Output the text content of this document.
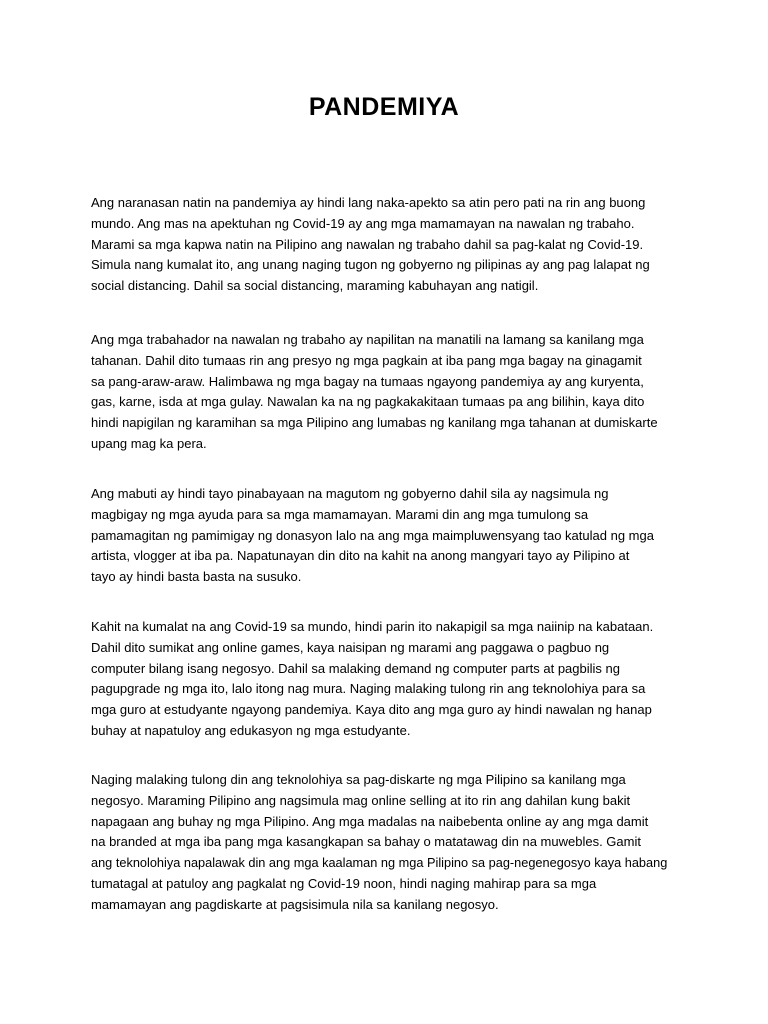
PANDEMIYA
Ang naranasan natin na pandemiya ay hindi lang naka-apekto sa atin pero pati na rin ang buong
mundo. Ang mas na apektuhan ng Covid-19 ay ang mga mamamayan na nawalan ng trabaho.
Marami sa mga kapwa natin na Pilipino ang nawalan ng trabaho dahil sa pag-kalat ng Covid-19.
Simula nang kumalat ito, ang unang naging tugon ng gobyerno ng pilipinas ay ang pag lalapat ng
social distancing. Dahil sa social distancing, maraming kabuhayan ang natigil.
Ang mga trabahador na nawalan ng trabaho ay napilitan na manatili na lamang sa kanilang mga
tahanan. Dahil dito tumaas rin ang presyo ng mga pagkain at iba pang mga bagay na ginagamit
sa pang-araw-araw. Halimbawa ng mga bagay na tumaas ngayong pandemiya ay ang kuryenta,
gas, karne, isda at mga gulay. Nawalan ka na ng pagkakakitaan tumaas pa ang bilihin, kaya dito
hindi napigilan ng karamihan sa mga Pilipino ang lumabas ng kanilang mga tahanan at dumiskarte
upang mag ka pera.
Ang mabuti ay hindi tayo pinabayaan na magutom ng gobyerno dahil sila ay nagsimula ng
magbigay ng mga ayuda para sa mga mamamayan. Marami din ang mga tumulong sa
pamamagitan ng pamimigay ng donasyon lalo na ang mga maimpluwensyang tao katulad ng mga
artista, vlogger at iba pa. Napatunayan din dito na kahit na anong mangyari tayo ay Pilipino at
tayo ay hindi basta basta na susuko.
Kahit na kumalat na ang Covid-19 sa mundo, hindi parin ito nakapigil sa mga naiinip na kabataan.
Dahil dito sumikat ang online games, kaya naisipan ng marami ang paggawa o pagbuo ng
computer bilang isang negosyo. Dahil sa malaking demand ng computer parts at pagbilis ng
pagupgrade ng mga ito, lalo itong nag mura. Naging malaking tulong rin ang teknolohiya para sa
mga guro at estudyante ngayong pandemiya. Kaya dito ang mga guro ay hindi nawalan ng hanap
buhay at napatuloy ang edukasyon ng mga estudyante.
Naging malaking tulong din ang teknolohiya sa pag-diskarte ng mga Pilipino sa kanilang mga
negosyo. Maraming Pilipino ang nagsimula mag online selling at ito rin ang dahilan kung bakit
napagaan ang buhay ng mga Pilipino. Ang mga madalas na naibebenta online ay ang mga damit
na branded at mga iba pang mga kasangkapan sa bahay o matatawag din na muwebles. Gamit
ang teknolohiya napalawak din ang mga kaalaman ng mga Pilipino sa pag-negenegosyo kaya habang
tumatagal at patuloy ang pagkalat ng Covid-19 noon, hindi naging mahirap para sa mga
mamamayan ang pagdiskarte at pagsisimula nila sa kanilang negosyo.
